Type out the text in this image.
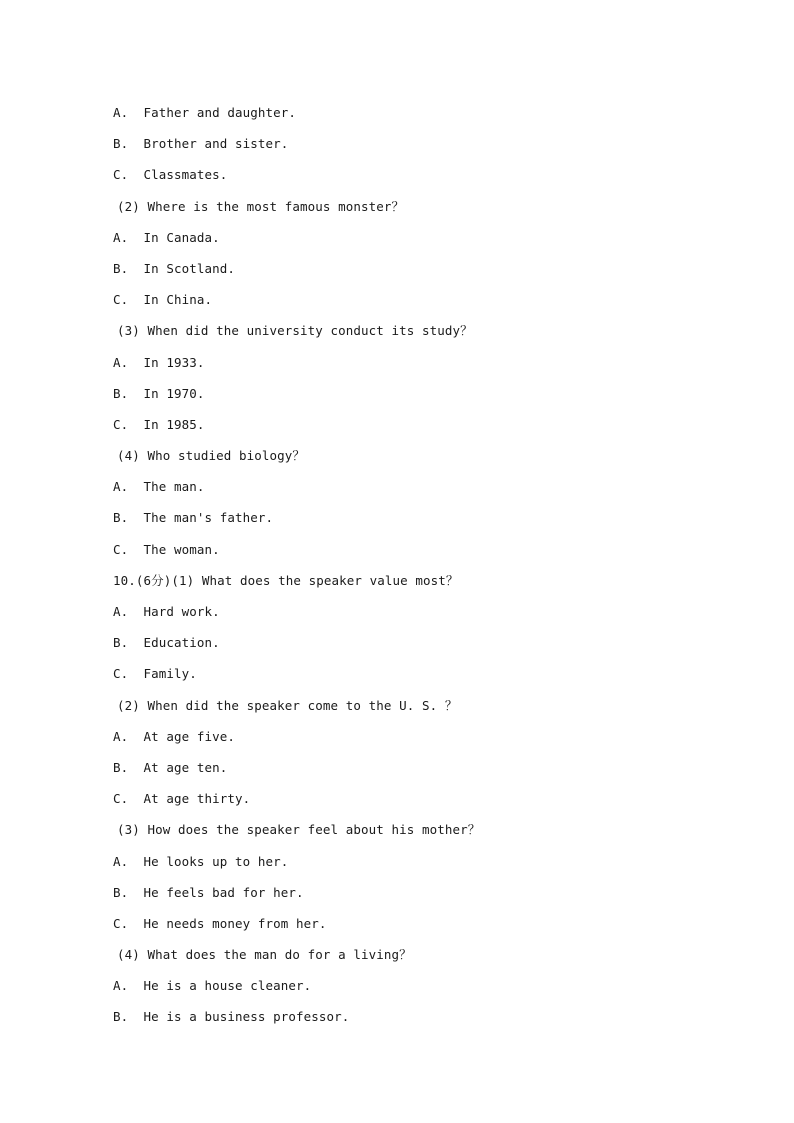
A.  Father and daughter.
B.  Brother and sister.
C.  Classmates.
(2) Where is the most famous monster？
A.  In Canada.
B.  In Scotland.
C.  In China.
(3) When did the university conduct its study？
A.  In 1933.
B.  In 1970.
C.  In 1985.
(4) Who studied biology？
A.  The man.
B.  The man's father.
C.  The woman.
10.(6分)(1) What does the speaker value most？
A.  Hard work.
B.  Education.
C.  Family.
(2) When did the speaker come to the U. S. ？
A.  At age five.
B.  At age ten.
C.  At age thirty.
(3) How does the speaker feel about his mother？
A.  He looks up to her.
B.  He feels bad for her.
C.  He needs money from her.
(4) What does the man do for a living？
A.  He is a house cleaner.
B.  He is a business professor.
